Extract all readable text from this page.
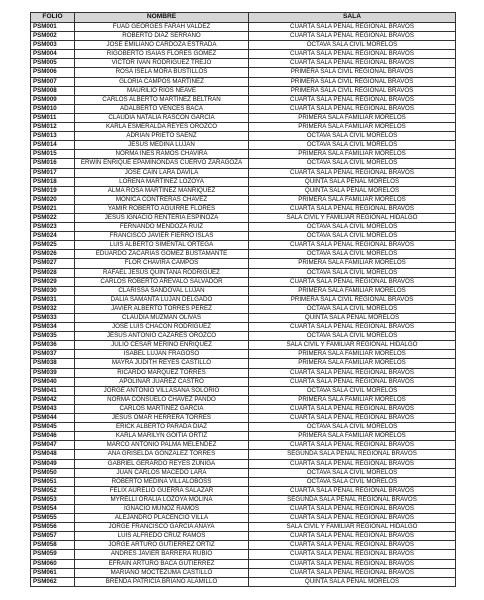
FOLIO	NOMBRE	SALA
PSM001	FUAD GEORGES FARAH VALDEZ	CUARTA SALA PENAL REGIONAL BRAVOS
PSM002	ROBERTO DIAZ SERRANO	CUARTA SALA PENAL REGIONAL BRAVOS
PSM003	JOSE EMILIANO CARDOZA ESTRADA	OCTAVA SALA CIVIL MORELOS
PSM004	RIGOBERTO ISAIAS FLORES GOMEZ	CUARTA SALA PENAL REGIONAL BRAVOS
PSM005	VICTOR IVAN RODRIGUEZ TREJO	CUARTA SALA PENAL REGIONAL BRAVOS
PSM006	ROSA ISELA MORA BUSTILLOS	PRIMERA SALA CIVIL REGIONAL BRAVOS
PSM007	GLORIA CAMPOS MARTINEZ	PRIMERA SALA CIVIL REGIONAL BRAVOS
PSM008	MAURILIO RIOS NEAVE	PRIMERA SALA CIVIL REGIONAL BRAVOS
PSM009	CARLOS ALBERTO MARTÍNEZ BELTRAN	CUARTA SALA PENAL REGIONAL BRAVOS
PSM010	ADALBERTO VENCES BACA	CUARTA SALA PENAL REGIONAL BRAVOS
PSM011	CLAUDIA NATALIA RASCÓN GARCÍA	PRIMERA SALA FAMILIAR MORELOS
PSM012	KARLA ESMERALDA REYES OROZCO	PRIMERA SALA FAMILIAR MORELOS
PSM013	ADRIAN PRIETO SAENZ	OCTAVA SALA CIVIL MORELOS
PSM014	JESUS MEDINA LUJAN	OCTAVA SALA CIVIL MORELOS
PSM015	NORMA INÉS RAMOS CHAVIRA	PRIMERA SALA FAMILIAR MORELOS
PSM016	ERWIN ENRIQUE EPAMINONDAS CUERVO ZARAGOZA	OCTAVA SALA CIVIL MORELOS
PSM017	JOSÉ CAIN LARA DAVILA	CUARTA SALA PENAL REGIONAL BRAVOS
PSM018	LORENA MARTINEZ LOZOYA	QUINTA SALA PENAL MORELOS
PSM019	ALMA ROSA MARTÍNEZ MANRIQUEZ	QUINTA SALA PENAL MORELOS
PSM020	MONICA CONTRERAS CHAVEZ	PRIMERA SALA FAMILIAR MORELOS
PSM021	YAMIR ROBERTO AGUIRRE FLORES	CUARTA SALA PENAL REGIONAL BRAVOS
PSM022	JESUS IGNACIO RENTERIA ESPINOZA	SALA CIVIL Y FAMILIAR REGIONAL HIDALGO
PSM023	FERNANDO MENDOZA RUIZ	OCTAVA SALA CIVIL MORELOS
PSM024	FRANCISCO JAVIER FIERRO ISLAS	OCTAVA SALA CIVIL MORELOS
PSM025	LUIS ALBERTO SIMENTAL ORTEGA	CUARTA SALA PENAL REGIONAL BRAVOS
PSM026	EDUARDO ZACARIAS GOMEZ BUSTAMANTE	OCTAVA SALA CIVIL MORELOS
PSM027	FLOR CHAVIRA CAMPOS	PRIMERA SALA FAMILIAR MORELOS
PSM028	RAFAEL JESUS QUINTANA RODRIGUEZ	OCTAVA SALA CIVIL MORELOS
PSM029	CARLOS ROBERTO AREVALO SALVADOR	CUARTA SALA PENAL REGIONAL BRAVOS
PSM030	CLARISSA SANDOVAL LUJAN	PRIMERA SALA FAMILIAR MORELOS
PSM031	DALIA SAMANTA LUJAN DELGADO	PRIMERA SALA CIVIL REGIONAL BRAVOS
PSM032	JAVIER ALBERTO TORRES PEREZ	OCTAVA SALA CIVIL MORELOS
PSM033	CLAUDIA MUZMAN OLIVAS	QUINTA SALA PENAL MORELOS
PSM034	JOSÉ LUIS CHACÓN RODRÍGUEZ	CUARTA SALA PENAL REGIONAL BRAVOS
PSM035	JESUS ANTONIO CAZARES OROZCO	OCTAVA SALA CIVIL MORELOS
PSM036	JULIO CESAR MERINO ENRIQUEZ	SALA CIVIL Y FAMILIAR REGIONAL HIDALGO
PSM037	ISABEL LUJAN FRAGOSO	PRIMERA SALA FAMILIAR MORELOS
PSM038	MAYRA JUDITH REYES CASTILLO	PRIMERA SALA FAMILIAR MORELOS
PSM039	RICARDO MARQUEZ TORRES	CUARTA SALA PENAL REGIONAL BRAVOS
PSM040	APOLINAR JUAREZ CASTRO	CUARTA SALA PENAL REGIONAL BRAVOS
PSM041	JORGE ANTONIO VILLASANA SOLORIO	OCTAVA SALA CIVIL MORELOS
PSM042	NORMA CONSUELO CHAVEZ PANDO	PRIMERA SALA FAMILIAR MORELOS
PSM043	CARLOS MARTINEZ GARCIA	CUARTA SALA PENAL REGIONAL BRAVOS
PSM044	JESUS OMAR HERRERA TORRES	CUARTA SALA PENAL REGIONAL BRAVOS
PSM045	ERICK ALBERTO PARADA DÍAZ	OCTAVA SALA CIVIL MORELOS
PSM046	KARLA MARILYN GOITIA ORTIZ	PRIMERA SALA FAMILIAR MORELOS
PSM047	MARCO ANTONIO PALMA MELENDEZ	CUARTA SALA PENAL REGIONAL BRAVOS
PSM048	ANA GRISELDA GONZALEZ TORRES	SEGUNDA SALA PENAL REGIONAL BRAVOS
PSM049	GABRIEL GERARDO REYES ZUÑIGA	CUARTA SALA PENAL REGIONAL BRAVOS
PSM050	JUAN CARLOS MACEDO LARA	OCTAVA SALA CIVIL MORELOS
PSM051	ROBERTO MEDINA VILLALOBOSS	OCTAVA SALA CIVIL MORELOS
PSM052	FELIX AURELIO GUERRA SALAZAR	CUARTA SALA PENAL REGIONAL BRAVOS
PSM053	MYRELLI ORALIA LOZOYA MOLINA	SEGUNDA SALA PENAL REGIONAL BRAVOS
PSM054	IGNACIO MUÑOZ RAMOS	CUARTA SALA PENAL REGIONAL BRAVOS
PSM055	ALEJANDRO PLACENCIO VILLA	CUARTA SALA PENAL REGIONAL BRAVOS
PSM056	JORGE FRANCISCO GARCIA ANAYA	SALA CIVIL Y FAMILIAR REGIONAL HIDALGO
PSM057	LUIS ALFREDO CRUZ RAMOS	CUARTA SALA PENAL REGIONAL BRAVOS
PSM058	JORGE ARTURO GUTIERREZ ORTIZ	CUARTA SALA PENAL REGIONAL BRAVOS
PSM059	ANDRES JAVIER BARRERA RUBIO	CUARTA SALA PENAL REGIONAL BRAVOS
PSM060	EFRAIN ARTURO BACA GUTIERREZ	CUARTA SALA PENAL REGIONAL BRAVOS
PSM061	MARIANO MOCTEZUMA CASTILLO	CUARTA SALA PENAL REGIONAL BRAVOS
PSM062	BRENDA PATRICIA BRIANO ALAMILLO	QUINTA SALA PENAL MORELOS
